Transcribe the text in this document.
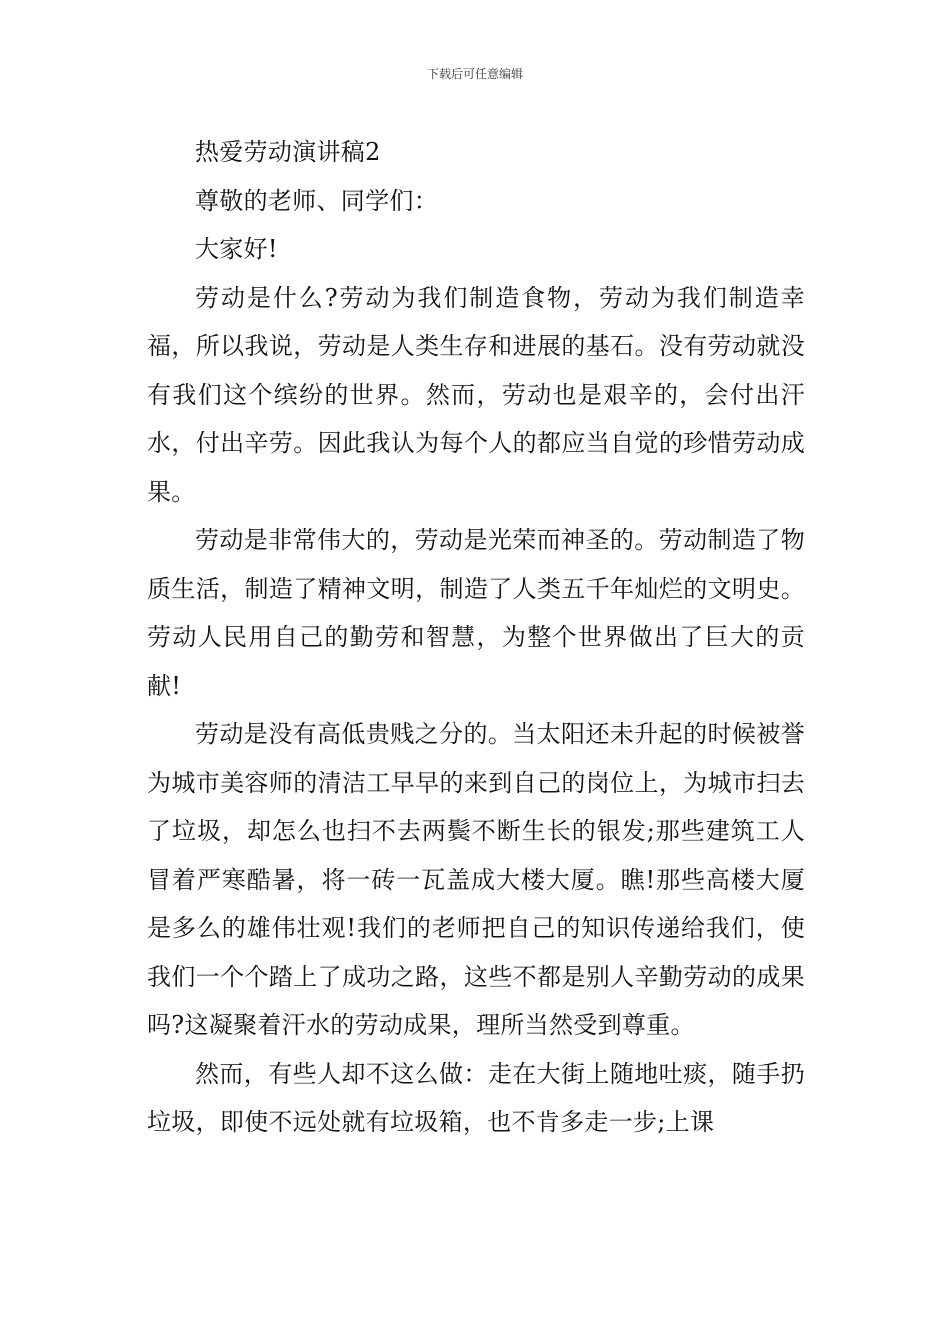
下载后可任意编辑

热爱劳动演讲稿2

尊敬的老师、同学们：

大家好!

劳动是什么?劳动为我们制造食物，劳动为我们制造幸福，所以我说，劳动是人类生存和进展的基石。没有劳动就没有我们这个缤纷的世界。然而，劳动也是艰辛的，会付出汗水，付出辛劳。因此我认为每个人的都应当自觉的珍惜劳动成果。

劳动是非常伟大的，劳动是光荣而神圣的。劳动制造了物质生活，制造了精神文明，制造了人类五千年灿烂的文明史。劳动人民用自己的勤劳和智慧，为整个世界做出了巨大的贡献!

劳动是没有高低贵贱之分的。当太阳还未升起的时候被誉为城市美容师的清洁工早早的来到自己的岗位上，为城市扫去了垃圾，却怎么也扫不去两鬓不断生长的银发;那些建筑工人冒着严寒酷暑，将一砖一瓦盖成大楼大厦。瞧!那些高楼大厦是多么的雄伟壮观!我们的老师把自己的知识传递给我们，使我们一个个踏上了成功之路，这些不都是别人辛勤劳动的成果吗?这凝聚着汗水的劳动成果，理所当然受到尊重。

然而，有些人却不这么做：走在大街上随地吐痰，随手扔垃圾，即使不远处就有垃圾箱，也不肯多走一步;上课
